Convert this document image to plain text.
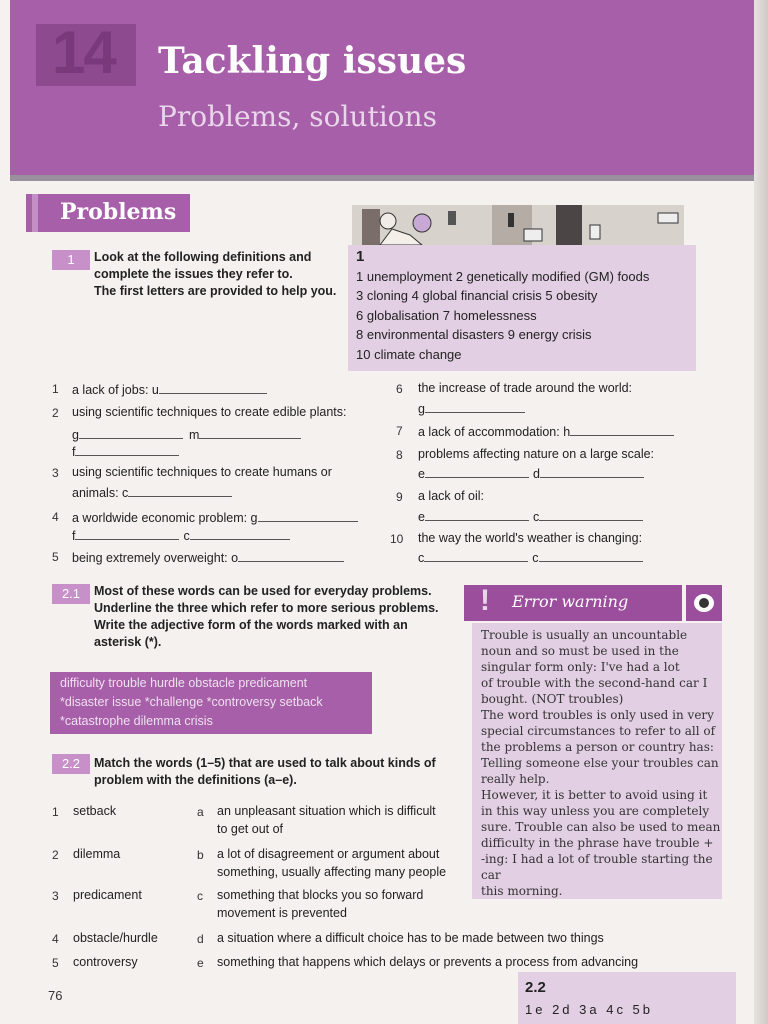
14 Tackling issues
Problems, solutions
Problems
1	Look at the following definitions and
complete the issues they refer to.
The first letters are provided to help you.
1
1 unemployment 2 genetically modified (GM) foods
3 cloning 4 global financial crisis 5 obesity
6 globalisation 7 homelessness
8 environmental disasters 9 energy crisis
10 climate change
1 a lack of jobs: u
2 using scientific techniques to create edible plants:
g	m
f
3 using scientific techniques to create humans or
animals: c
4 a worldwide economic problem: g
f	c
5 being extremely overweight: o
6 the increase of trade around the world:
g
7 a lack of accommodation: h
8 problems affecting nature on a large scale:
e	d
9 a lack of oil:
e	c
10 the way the world's weather is changing:
c	c
2.1	Most of these words can be used for everyday problems.
Underline the three which refer to more serious problems.
Write the adjective form of the words marked with an
asterisk (*).
difficulty trouble hurdle obstacle predicament
*disaster issue *challenge *controversy setback
*catastrophe dilemma crisis
2.2	Match the words (1–5) that are used to talk about kinds of
problem with the definitions (a–e).
1 setback	a an unpleasant situation which is difficult
to get out of
2 dilemma	b a lot of disagreement or argument about
something, usually affecting many people
3 predicament	c something that blocks you so forward
movement is prevented
4 obstacle/hurdle	d a situation where a difficult choice has to be made between two things
5 controversy	e something that happens which delays or prevents a process from advancing
! Error warning
Trouble is usually an uncountable
noun and so must be used in the
singular form only: I've had a lot
of trouble with the second-hand car I
bought. (NOT troubles)
The word troubles is only used in very
special circumstances to refer to all of
the problems a person or country has:
Telling someone else your troubles can
really help.
However, it is better to avoid using it
in this way unless you are completely
sure. Trouble can also be used to mean
difficulty in the phrase have trouble +
-ing: I had a lot of trouble starting the car
this morning.
2.2
1e 2d 3a 4c 5b
76
